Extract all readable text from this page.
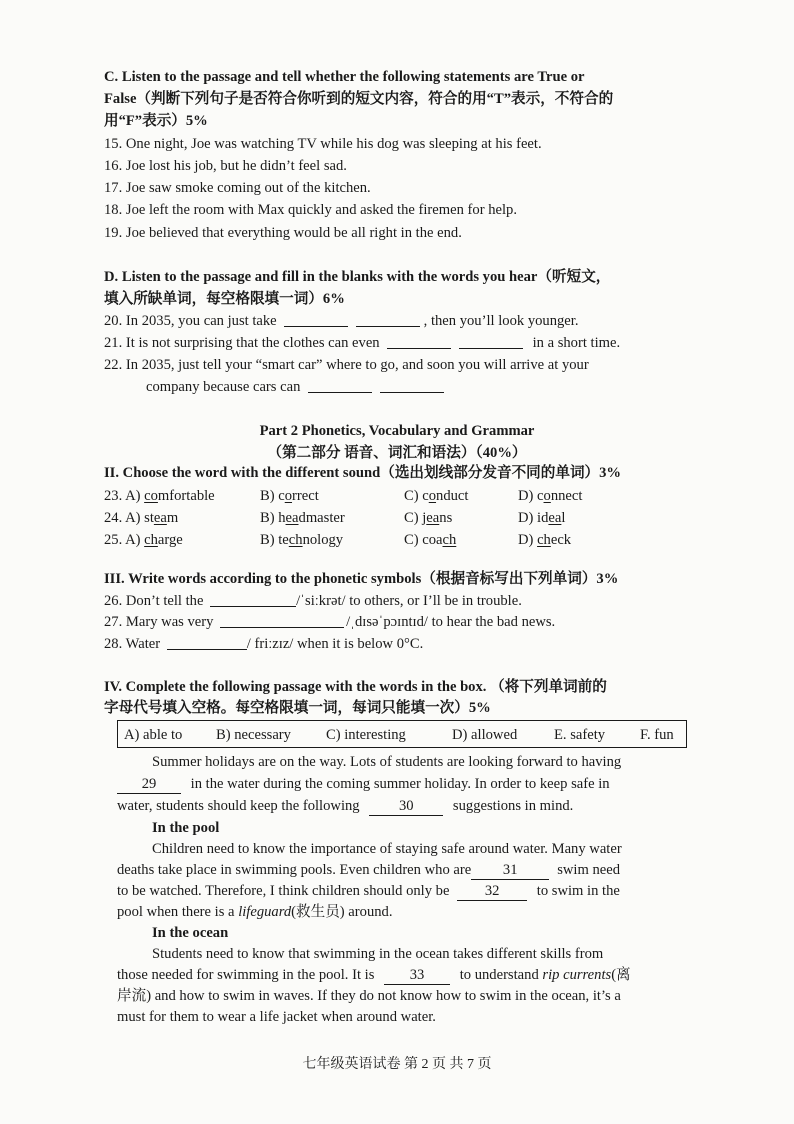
C. Listen to the passage and tell whether the following statements are True or
False（判断下列句子是否符合你听到的短文内容，符合的用“T”表示，不符合的
用“F”表示）5%
15. One night, Joe was watching TV while his dog was sleeping at his feet.
16. Joe lost his job, but he didn’t feel sad.
17. Joe saw smoke coming out of the kitchen.
18. Joe left the room with Max quickly and asked the firemen for help.
19. Joe believed that everything would be all right in the end.
D. Listen to the passage and fill in the blanks with the words you hear（听短文，
填入所缺单词，每空格限填一词）6%
20. In 2035, you can just take	, then you’ll look younger.
21. It is not surprising that the clothes can even	in a short time.
22. In 2035, just tell your “smart car” where to go, and soon you will arrive at your
company because cars can
Part 2 Phonetics, Vocabulary and Grammar
（第二部分 语音、词汇和语法）（40%）
II. Choose the word with the different sound（选出划线部分发音不同的单词）3%
23. A) comfortable	B) correct	C) conduct	D) connect
24. A) steam	B) headmaster	C) jeans	D) ideal
25. A) charge	B) technology	C) coach	D) check
III. Write words according to the phonetic symbols（根据音标写出下列单词）3%
26. Don’t tell the	/ˈsiːkrət/ to others, or I’ll be in trouble.
27. Mary was very	/ˌdɪsəˈpɔɪntɪd/ to hear the bad news.
28. Water	/ friːzɪz/ when it is below 0°C.
IV. Complete the following passage with the words in the box. （将下列单词前的
字母代号填入空格。每空格限填一词，每词只能填一次）5%
A) able to B) necessary C) interesting	D) allowed	E. safety F. fun
Summer holidays are on the way. Lots of students are looking forward to having
29 in the water during the coming summer holiday. In order to keep safe in
water, students should keep the following	30	suggestions in mind.
In the pool
Children need to know the importance of staying safe around water. Many water
deaths take place in swimming pools. Even children who are 31	swim need
to be watched. Therefore, I think children should only be 32	to swim in the
pool when there is a lifeguard(救生员) around.
In the ocean
Students need to know that swimming in the ocean takes different skills from
those needed for swimming in the pool. It is 33 to understand rip currents(离
岸流) and how to swim in waves. If they do not know how to swim in the ocean, it’s a
must for them to wear a life jacket when around water.
七年级英语试卷 第 2 页 共 7 页
